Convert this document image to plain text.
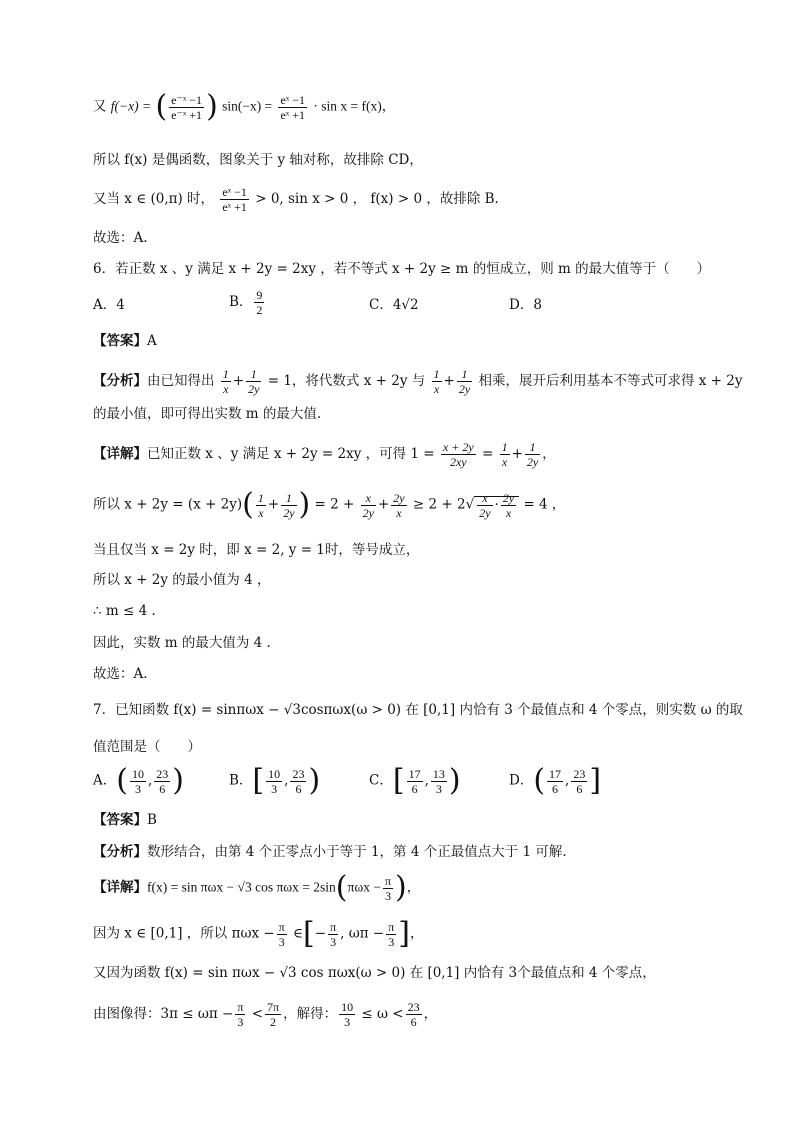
又 f(−x) = ( $\frac{\text{e⁻ˣ −1}}{\text{e⁻ˣ +1}}$ ) $\sin(-x) = \frac{\text{eˣ −1}}{\text{eˣ +1}} \cdot \sin x = f(x)$，
所以 f(x) 是偶函数，图象关于 y 轴对称，故排除 CD，
又当 x ∈ (0,π) 时， $\frac{\text{eˣ −1}}{\text{eˣ +1}} > 0$, sin x > 0 ， f(x) > 0 ，故排除 B.
故选：A.
6．若正数 x 、y 满足 x + 2y = 2xy ，若不等式 x + 2y ≥ m 的恒成立，则 m 的最大值等于（　　）
A．4	B． $\frac{9}{2}$	C．4√2	D．8
【答案】A
【分析】由已知得出 $\frac{1}{x} + \frac{1}{2y} = 1$，将代数式 x + 2y 与 $\frac{1}{x} + \frac{1}{2y}$ 相乘，展开后利用基本不等式可求得 x + 2y
的最小值，即可得出实数 m 的最大值.
【详解】已知正数 x 、y 满足 x + 2y = 2xy ，可得 $1 = \frac{x + 2y}{2xy} = \frac{1}{x} + \frac{1}{2y}$ ，
所以 $x + 2y = (x + 2y)( \frac{1}{x} + \frac{1}{2y}$ ) = $2 + \frac{x}{2y} + \frac{2y}{x} \ge 2 + 2√ \frac{x}{2y} \cdot \frac{2y}{x} = 4$ ，
当且仅当 x = 2y 时，即 x = 2, y = 1时，等号成立，
所以 x + 2y 的最小值为 4 ，
∴ m ≤ 4 .
因此，实数 m 的最大值为 4 .
故选：A.
7．已知函数 f(x) = sinπωx − √3cosπωx(ω > 0) 在 [0,1] 内恰有 3 个最值点和 4 个零点，则实数 ω 的取
值范围是（　　）
A．( $\frac{10}{3}$ , $\frac{23}{6}$ )	B．[ $\frac{10}{3}$ , $\frac{23}{6}$ )	C．[ $\frac{17}{6}$ , $\frac{13}{3}$ )	D．( $\frac{17}{6}$ , $\frac{23}{6}$ ]
【答案】B
【分析】数形结合，由第 4 个正零点小于等于 1，第 4 个正最值点大于 1 可解.
【详解】f(x) = sin πωx − √3 $\cos \pi\omega x = 2\sin(\pi\omega x - \frac{\pi}{3}$ )，
因为 x ∈ [0,1] ，所以 $\pi\omega x - \frac{\pi}{3}$ ∈[− $\frac{\pi}{3}$ , $\omega\pi - \frac{\pi}{3}$ ]，
又因为函数 f(x) = sin πωx − √3 cos πωx(ω > 0) 在 [0,1] 内恰有 3个最值点和 4 个零点，
由图像得：$3\pi \le \omega\pi - \frac{\pi}{3} < \frac{7\pi}{2}$ ，解得： $\frac{10}{3} \le \omega < \frac{23}{6}$ ，
